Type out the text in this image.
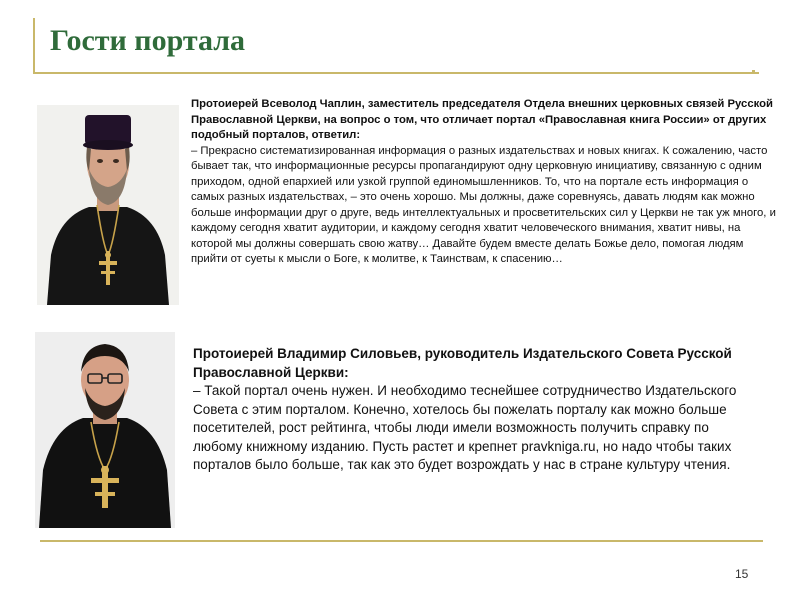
Гости портала
Протоиерей Всеволод Чаплин, заместитель председателя Отдела внешних церковных связей Русской Православной Церкви, на вопрос о том, что отличает портал «Православная книга России» от других подобный порталов, ответил:
– Прекрасно систематизированная информация о разных издательствах и новых книгах. К сожалению, часто бывает так, что информационные ресурсы пропагандируют одну церковную инициативу, связанную с одним приходом, одной епархией или узкой группой единомышленников. То, что на портале есть информация о самых разных издательствах, – это очень хорошо. Мы должны, даже соревнуясь, давать людям как можно больше информации друг о друге, ведь интеллектуальных и просветительских сил у Церкви не так уж много, и каждому сегодня хватит аудитории, и каждому сегодня хватит человеческого внимания, хватит нивы, на которой мы должны совершать свою жатву… Давайте будем вместе делать Божье дело, помогая людям прийти от суеты к мысли о Боге, к молитве, к Таинствам, к спасению…
Протоиерей Владимир Силовьев, руководитель Издательского Совета Русской Православной Церкви:
– Такой портал очень нужен. И необходимо теснейшее сотрудничество Издательского Совета с этим порталом. Конечно, хотелось бы пожелать порталу как можно больше посетителей, рост рейтинга, чтобы люди имели возможность получить справку по любому книжному изданию. Пусть растет и крепнет pravkniga.ru, но надо чтобы таких порталов было больше, так как это будет возрождать у нас в стране культуру чтения.
15
